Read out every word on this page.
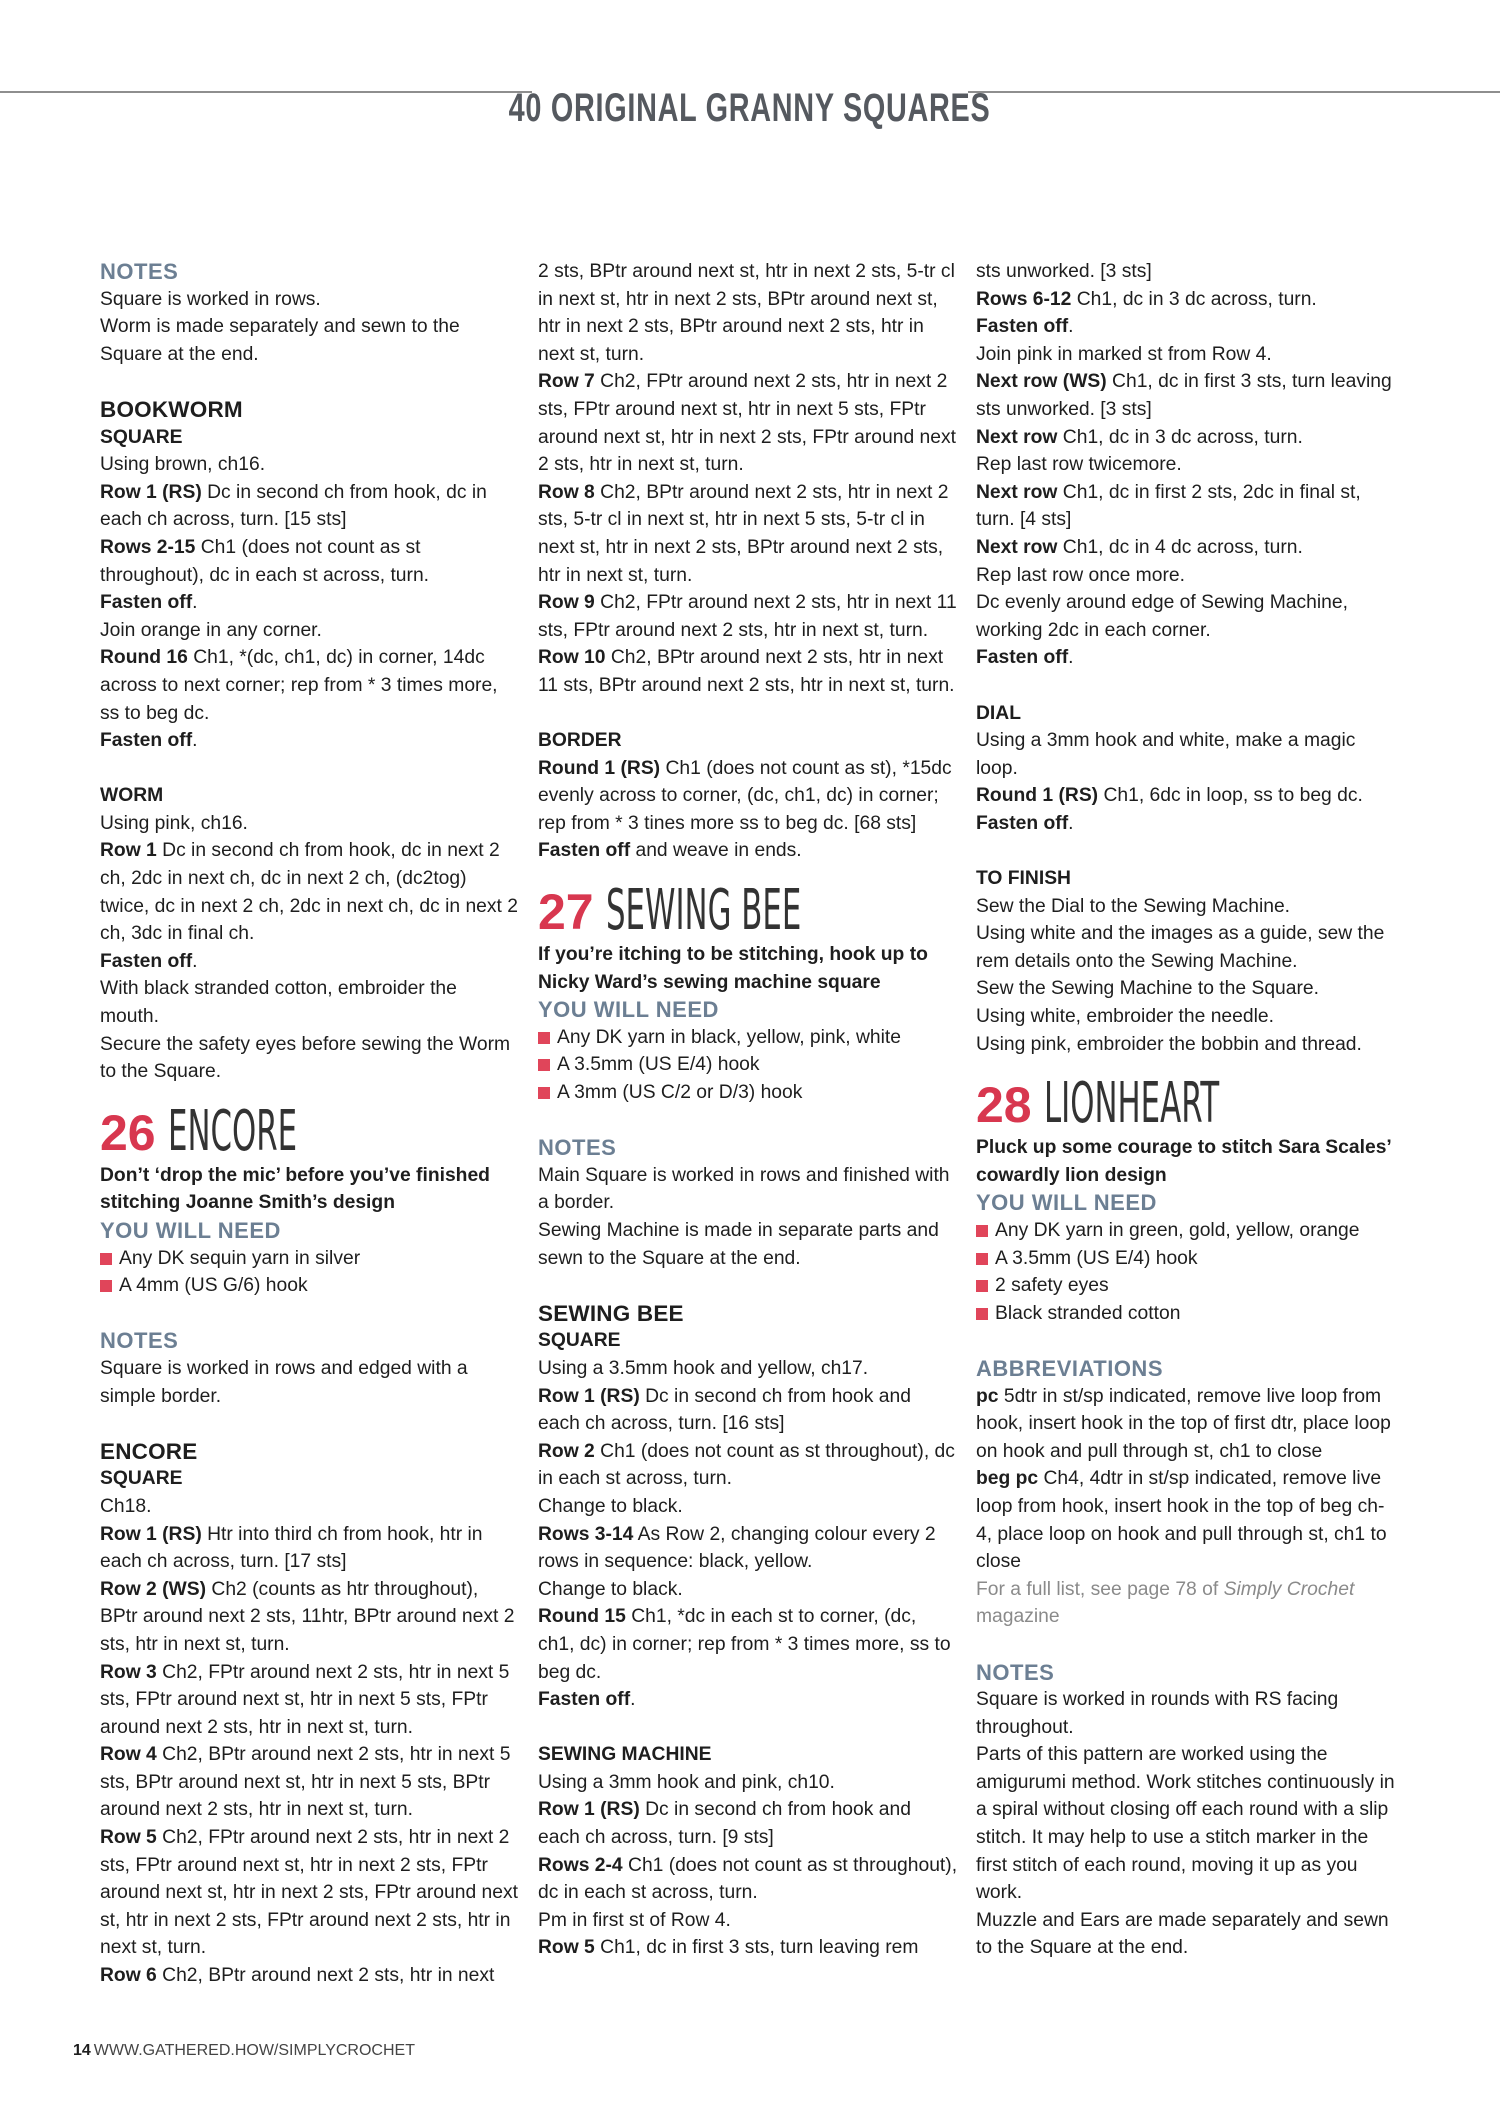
40 ORIGINAL GRANNY SQUARES

NOTES

Square is worked in rows.

Worm is made separately and sewn to the Square at the end.

BOOKWORM

SQUARE

Using brown, ch16.

Row 1 (RS) Dc in second ch from hook, dc in each ch across, turn. [15 sts]

Rows 2-15 Ch1 (does not count as st throughout), dc in each st across, turn.

Fasten off.

Join orange in any corner.

Round 16 Ch1, *(dc, ch1, dc) in corner, 14dc across to next corner; rep from * 3 times more, ss to beg dc.

Fasten off.

WORM

Using pink, ch16.

Row 1 Dc in second ch from hook, dc in next 2 ch, 2dc in next ch, dc in next 2 ch, (dc2tog) twice, dc in next 2 ch, 2dc in next ch, dc in next 2 ch, 3dc in final ch.

Fasten off.

With black stranded cotton, embroider the mouth.

Secure the safety eyes before sewing the Worm to the Square.

26 ENCORE

Don’t ‘drop the mic’ before you’ve finished stitching Joanne Smith’s design

YOU WILL NEED

Any DK sequin yarn in silver
A 4mm (US G/6) hook

NOTES

Square is worked in rows and edged with a simple border.

ENCORE

SQUARE

Ch18.

Row 1 (RS) Htr into third ch from hook, htr in each ch across, turn. [17 sts]

Row 2 (WS) Ch2 (counts as htr throughout), BPtr around next 2 sts, 11htr, BPtr around next 2 sts, htr in next st, turn.

Row 3 Ch2, FPtr around next 2 sts, htr in next 5 sts, FPtr around next st, htr in next 5 sts, FPtr around next 2 sts, htr in next st, turn.

Row 4 Ch2, BPtr around next 2 sts, htr in next 5 sts, BPtr around next st, htr in next 5 sts, BPtr around next 2 sts, htr in next st, turn.

Row 5 Ch2, FPtr around next 2 sts, htr in next 2 sts, FPtr around next st, htr in next 2 sts, FPtr around next st, htr in next 2 sts, FPtr around next st, htr in next 2 sts, FPtr around next 2 sts, htr in next st, turn.

Row 6 Ch2, BPtr around next 2 sts, htr in next

2 sts, BPtr around next st, htr in next 2 sts, 5-tr cl in next st, htr in next 2 sts, BPtr around next st, htr in next 2 sts, BPtr around next 2 sts, htr in next st, turn.

Row 7 Ch2, FPtr around next 2 sts, htr in next 2 sts, FPtr around next st, htr in next 5 sts, FPtr around next st, htr in next 2 sts, FPtr around next 2 sts, htr in next st, turn.

Row 8 Ch2, BPtr around next 2 sts, htr in next 2 sts, 5-tr cl in next st, htr in next 5 sts, 5-tr cl in next st, htr in next 2 sts, BPtr around next 2 sts, htr in next st, turn.

Row 9 Ch2, FPtr around next 2 sts, htr in next 11 sts, FPtr around next 2 sts, htr in next st, turn.

Row 10 Ch2, BPtr around next 2 sts, htr in next 11 sts, BPtr around next 2 sts, htr in next st, turn.

BORDER

Round 1 (RS) Ch1 (does not count as st), *15dc evenly across to corner, (dc, ch1, dc) in corner; rep from * 3 tines more ss to beg dc. [68 sts]

Fasten off and weave in ends.

27 SEWING BEE

If you’re itching to be stitching, hook up to Nicky Ward’s sewing machine square

YOU WILL NEED

Any DK yarn in black, yellow, pink, white
A 3.5mm (US E/4) hook
A 3mm (US C/2 or D/3) hook

NOTES

Main Square is worked in rows and finished with a border.

Sewing Machine is made in separate parts and sewn to the Square at the end.

SEWING BEE

SQUARE

Using a 3.5mm hook and yellow, ch17.

Row 1 (RS) Dc in second ch from hook and each ch across, turn. [16 sts]

Row 2 Ch1 (does not count as st throughout), dc in each st across, turn.

Change to black.

Rows 3-14 As Row 2, changing colour every 2 rows in sequence: black, yellow.

Change to black.

Round 15 Ch1, *dc in each st to corner, (dc, ch1, dc) in corner; rep from * 3 times more, ss to beg dc.

Fasten off.

SEWING MACHINE

Using a 3mm hook and pink, ch10.

Row 1 (RS) Dc in second ch from hook and each ch across, turn. [9 sts]

Rows 2-4 Ch1 (does not count as st throughout), dc in each st across, turn.

Pm in first st of Row 4.

Row 5 Ch1, dc in first 3 sts, turn leaving rem

sts unworked. [3 sts]

Rows 6-12 Ch1, dc in 3 dc across, turn.

Fasten off.

Join pink in marked st from Row 4.

Next row (WS) Ch1, dc in first 3 sts, turn leaving sts unworked. [3 sts]

Next row Ch1, dc in 3 dc across, turn.

Rep last row twicemore.

Next row Ch1, dc in first 2 sts, 2dc in final st, turn. [4 sts]

Next row Ch1, dc in 4 dc across, turn.

Rep last row once more.

Dc evenly around edge of Sewing Machine, working 2dc in each corner.

Fasten off.

DIAL

Using a 3mm hook and white, make a magic loop.

Round 1 (RS) Ch1, 6dc in loop, ss to beg dc.

Fasten off.

TO FINISH

Sew the Dial to the Sewing Machine.

Using white and the images as a guide, sew the rem details onto the Sewing Machine.

Sew the Sewing Machine to the Square.

Using white, embroider the needle.

Using pink, embroider the bobbin and thread.

28 LIONHEART

Pluck up some courage to stitch Sara Scales’ cowardly lion design

YOU WILL NEED

Any DK yarn in green, gold, yellow, orange
A 3.5mm (US E/4) hook
2 safety eyes
Black stranded cotton

ABBREVIATIONS

pc 5dtr in st/sp indicated, remove live loop from hook, insert hook in the top of first dtr, place loop on hook and pull through st, ch1 to close

beg pc Ch4, 4dtr in st/sp indicated, remove live loop from hook, insert hook in the top of beg ch-4, place loop on hook and pull through st, ch1 to close

For a full list, see page 78 of Simply Crochet magazine

NOTES

Square is worked in rounds with RS facing throughout.

Parts of this pattern are worked using the amigurumi method. Work stitches continuously in a spiral without closing off each round with a slip stitch. It may help to use a stitch marker in the first stitch of each round, moving it up as you work.

Muzzle and Ears are made separately and sewn to the Square at the end.

14 WWW.GATHERED.HOW/SIMPLYCROCHET
